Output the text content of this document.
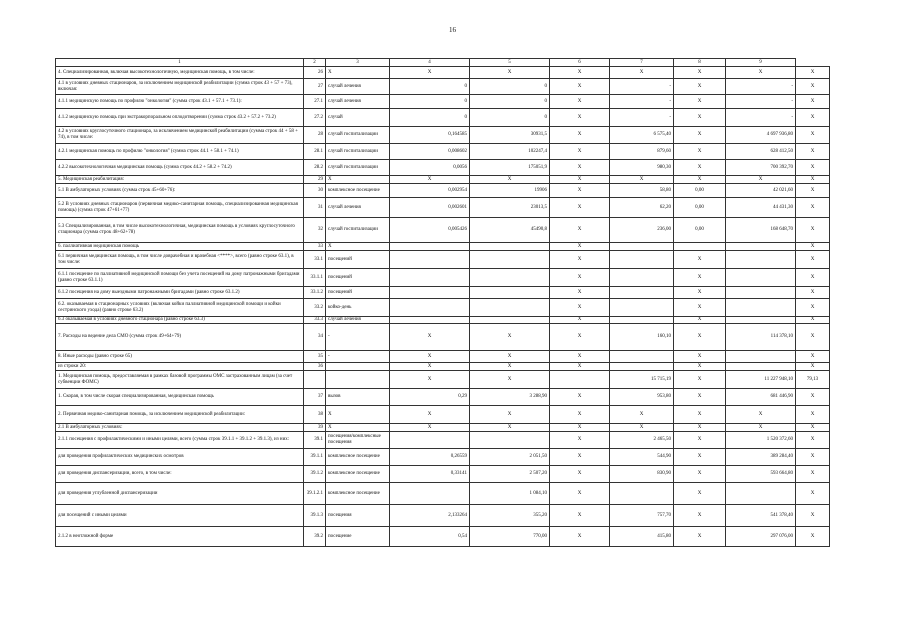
16
1	2	3	4	5	6	7	8	9	
4. Специализированная, включая высокотехнологичную, медицинская помощь, в том числе:	26	X	X	X	X	X	X	X	X
4.1 в условиях дневных стационаров, за исключением медицинской реабилитации (сумма строк 43 + 57 + 73), включая:	27	случай лечения	0	0	X	-	X	-	X
4.1.1 медицинскую помощь по профилю "онкология" (сумма строк 43.1 + 57.1 + 73.1):	27.1	случай лечения	0	0	X	-	X	-	X
4.1.2 медицинскую помощь при экстракорпоральном оплодотворении (сумма строк 43.2 + 57.2 + 73.2)	27.2	случай	0	0	X	-	X	-	X
4.2 в условиях круглосуточного стационара, за исключением медицинской реабилитации (сумма строк 44 + 58 + 74), в том числе:	28	случай госпитализации	0,164585	30931,5	X	6 575,40	X	4 697 936,80	X
4.2.1 медицинская помощь по профилю "онкология" (сумма строк 44.1 + 58.1 + 74.1)	28.1	случай госпитализации	0,008602	102247,4	X	879,60	X	628 412,50	X
4.2.2 высокотехнологичная медицинская помощь (сумма строк 44.2 + 58.2 + 74.2)	28.2	случай госпитализации	0,0056	175051,9	X	980,30	X	700 392,70	X
5. Медицинская реабилитация:	29	X	X	X	X	X	X	X	X
5.1 В амбулаторных условиях (сумма строк 45+60+76):	30	комплексное посещение	0,002954	19906	X	58,80	0,00	42 021,60	X
5.2 В условиях дневных стационаров (первичная медико-санитарная помощь, специализированная медицинская помощь) (сумма строк 47+61+77)	31	случай лечения	0,002601	23013,5	X	62,20	0,00	44 431,30	X
5.3 Специализированная, в том числе высокотехнологичная, медицинская помощь в условиях круглосуточного стационара (сумма строк 48+62+78)	32	случай госпитализации	0,005426	45490,8	X	236,00	0,00	168 648,70	X
6. паллиативная медицинская помощь	33	X			X				X
6.1 первичная медицинская помощь, в том числе доврачебная и врачебная <****>, всего (равно строке 63.1), в том числе:	33.1	посещений			X		X		X
6.1.1 посещение по паллиативной медицинской помощи без учета посещений на дому патронажными бригадами (равно строке 63.1.1)	33.1.1	посещений			X		X		X
6.1.2 посещения на дому выездными патронажными бригадами (равно строке 63.1.2)	33.1.2	посещений			X		X		X
6.2. оказываемая в стационарных условиях (включая койки паллиативной медицинской помощи и койки сестринского ухода) (равно строке 63.2)	33.2	койко-день			X		X		X
6.3 оказываемая в условиях дневного стационара (равно строке 63.3)	33.3	случай лечения			X		X		X
7. Расходы на ведение дела СМО (сумма строк 49+64+79)	34	-	X	X	X	160,10	X	114 378,10	X
8. Иные расходы (равно строке 65)	35	-	X	X	X		X		X
из строки 20:	36		X	X	X		X		X
1. Медицинская помощь, предоставляемая в рамках базовой программы ОМС застрахованным лицам (за счет субвенции ФОМС)			X	X		15 715,19	X	11 227 948,10	79,13
1. Скорая, в том числе скорая специализированная, медицинская помощь	37	вызов	0,29	3 288,90	X	953,80	X	681 446,90	X
2. Первичная медико-санитарная помощь, за исключением медицинской реабилитации:	38	X	X	X	X	X	X	X	X
2.1 В амбулаторных условиях:	39	X	X	X	X	X	X	X	X
2.1.1 посещения с профилактическими и иными целями, всего (сумма строк 39.1.1 + 39.1.2 + 39.1.3), из них:	39.1	посещения/комплексные посещения			X	2 465,50	X	1 520 372,60	X
для проведения профилактических медицинских осмотров	39.1.1	комплексное посещение	0,26559	2 051,50	X	544,90	X	389 284,40	X
для проведения диспансеризации, всего, в том числе:	39.1.2	комплексное посещение	0,33141	2 507,20	X	830,90	X	593 664,80	X
для проведения углубленной диспансеризации	39.1.2.1	комплексное посещение		1 084,10	X		X		X
для посещений с иными целями	39.1.3	посещения	2,133264	355,20	X	757,70	X	541 378,40	X
2.1.2 в неотложной форме	39.2	посещение	0,54	770,00	X	415,80	X	297 076,00	X
